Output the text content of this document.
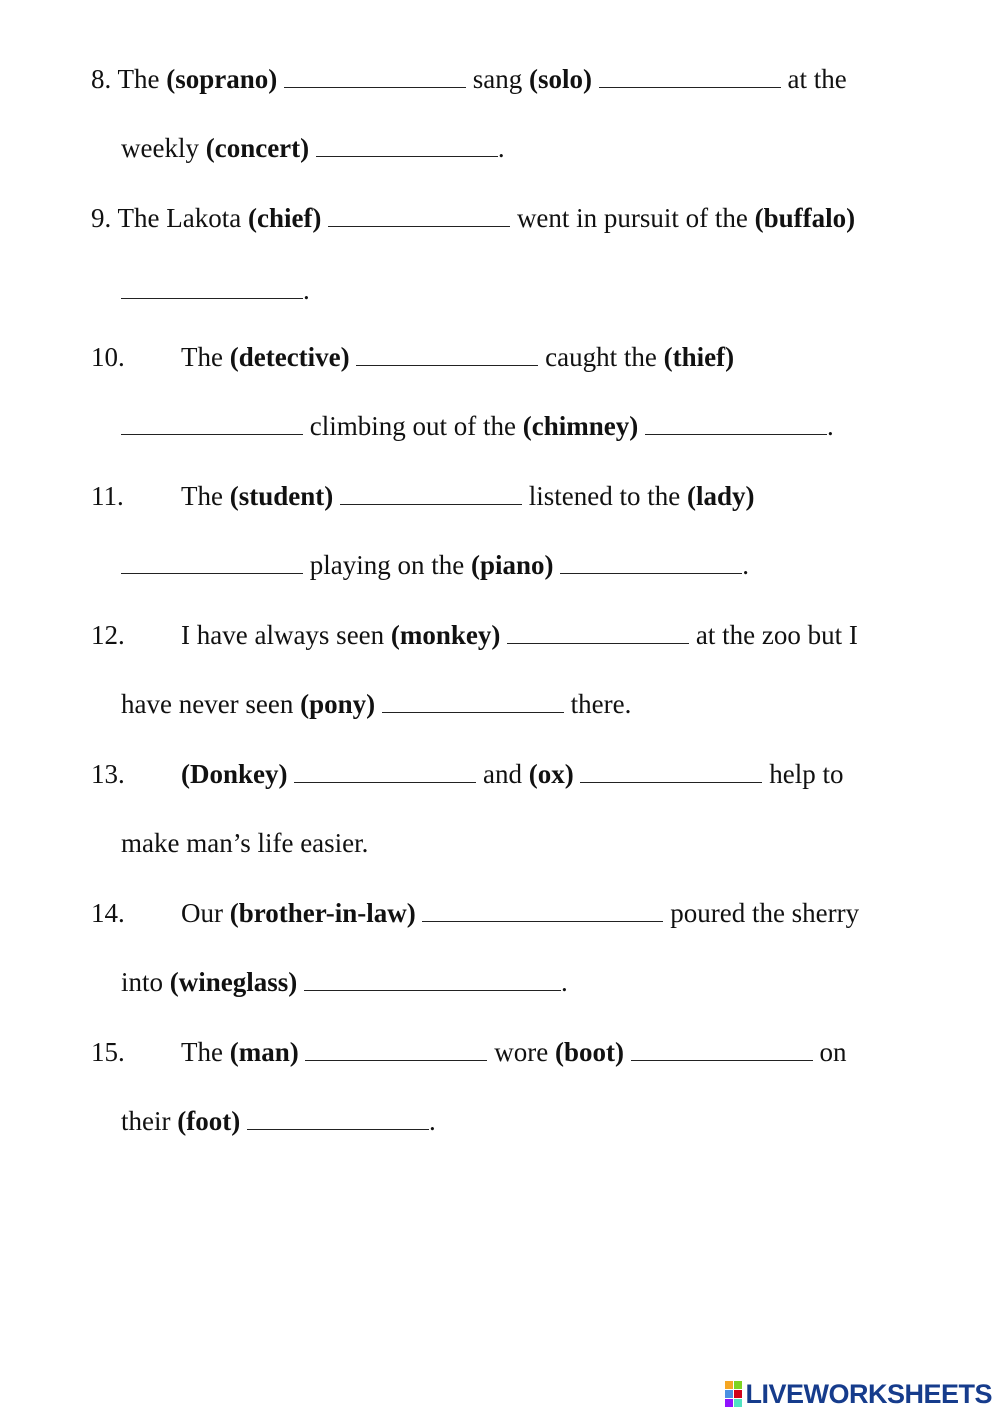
8. The (soprano)	sang (solo)	at the
weekly (concert)	.
9. The Lakota (chief)	went in pursuit of the (buffalo)
.
10. The (detective)	caught the (thief)
climbing out of the (chimney)	.
11. The (student)	listened to the (lady)
playing on the (piano)	.
12. I have always seen (monkey)	at the zoo but I
have never seen (pony)	there.
13. (Donkey)	and (ox)	help to
make man’s life easier.
14. Our (brother-in-law)	poured the sherry
into (wineglass)	.
15. The (man)	wore (boot)	on
their (foot)	.
LIVEWORKSHEETS
